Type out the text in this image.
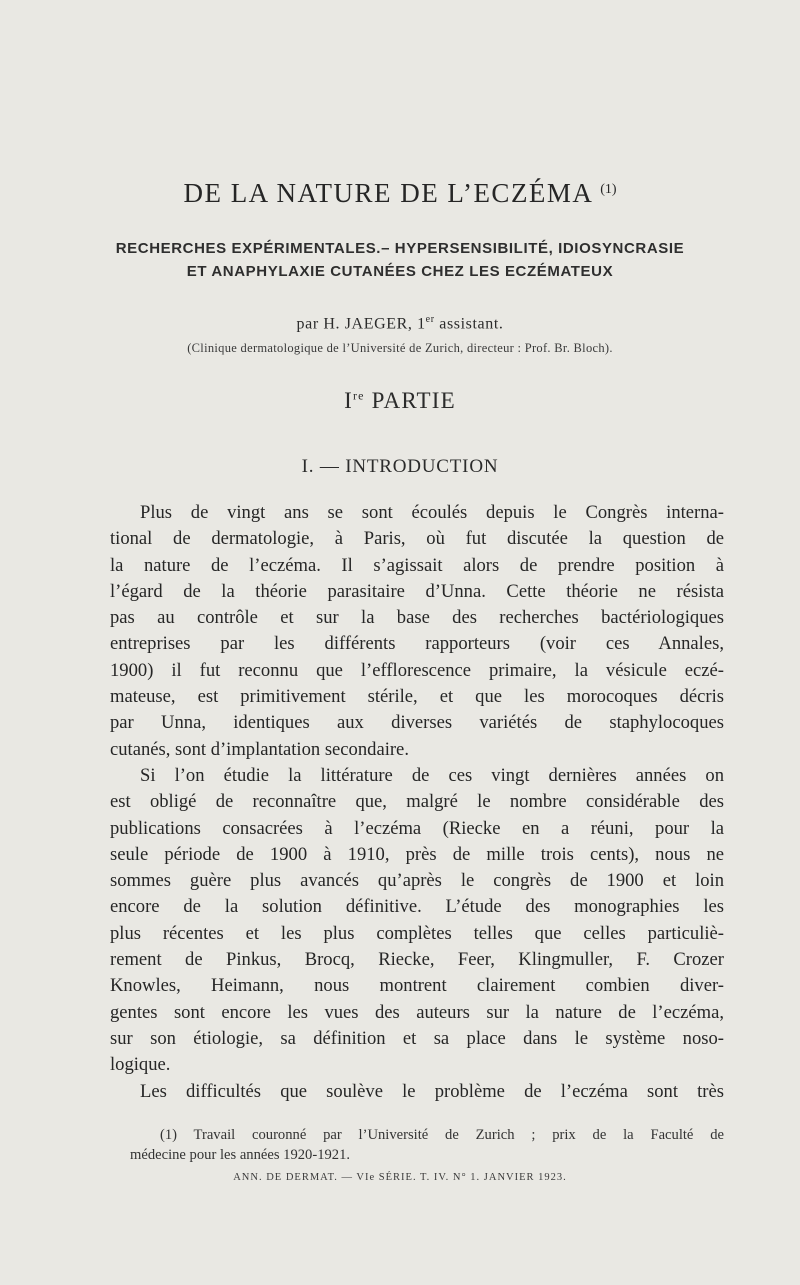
DE LA NATURE DE L’ECZÉMA $^{(1)}$
RECHERCHES EXPÉRIMENTALES.– HYPERSENSIBILITÉ, IDIOSYNCRASIE
ET ANAPHYLAXIE CUTANÉES CHEZ LES ECZÉMATEUX
par H. JAEGER, 1er assistant.
(Clinique dermatologique de l’Université de Zurich, directeur : Prof. Br. Bloch).
Ire PARTIE
I. — INTRODUCTION
Plus de vingt ans se sont écoulés depuis le Congrès interna-
tional de dermatologie, à Paris, où fut discutée la question de
la nature de l’eczéma. Il s’agissait alors de prendre position à
l’égard de la théorie parasitaire d’Unna. Cette théorie ne résista
pas au contrôle et sur la base des recherches bactériologiques
entreprises par les différents rapporteurs (voir ces Annales,
1900) il fut reconnu que l’efflorescence primaire, la vésicule eczé-
mateuse, est primitivement stérile, et que les morocoques décris
par Unna, identiques aux diverses variétés de staphylocoques
cutanés, sont d’implantation secondaire.
Si l’on étudie la littérature de ces vingt dernières années on
est obligé de reconnaître que, malgré le nombre considérable des
publications consacrées à l’eczéma (Riecke en a réuni, pour la
seule période de 1900 à 1910, près de mille trois cents), nous ne
sommes guère plus avancés qu’après le congrès de 1900 et loin
encore de la solution définitive. L’étude des monographies les
plus récentes et les plus complètes telles que celles particuliè-
rement de Pinkus, Brocq, Riecke, Feer, Klingmuller, F. Crozer
Knowles, Heimann, nous montrent clairement combien diver-
gentes sont encore les vues des auteurs sur la nature de l’eczéma,
sur son étiologie, sa définition et sa place dans le système noso-
logique.
Les difficultés que soulève le problème de l’eczéma sont très
(1) Travail couronné par l’Université de Zurich ; prix de la Faculté de
médecine pour les années 1920-1921.
ANN. DE DERMAT. — VIe SÉRIE. T. IV. N° 1. JANVIER 1923.
